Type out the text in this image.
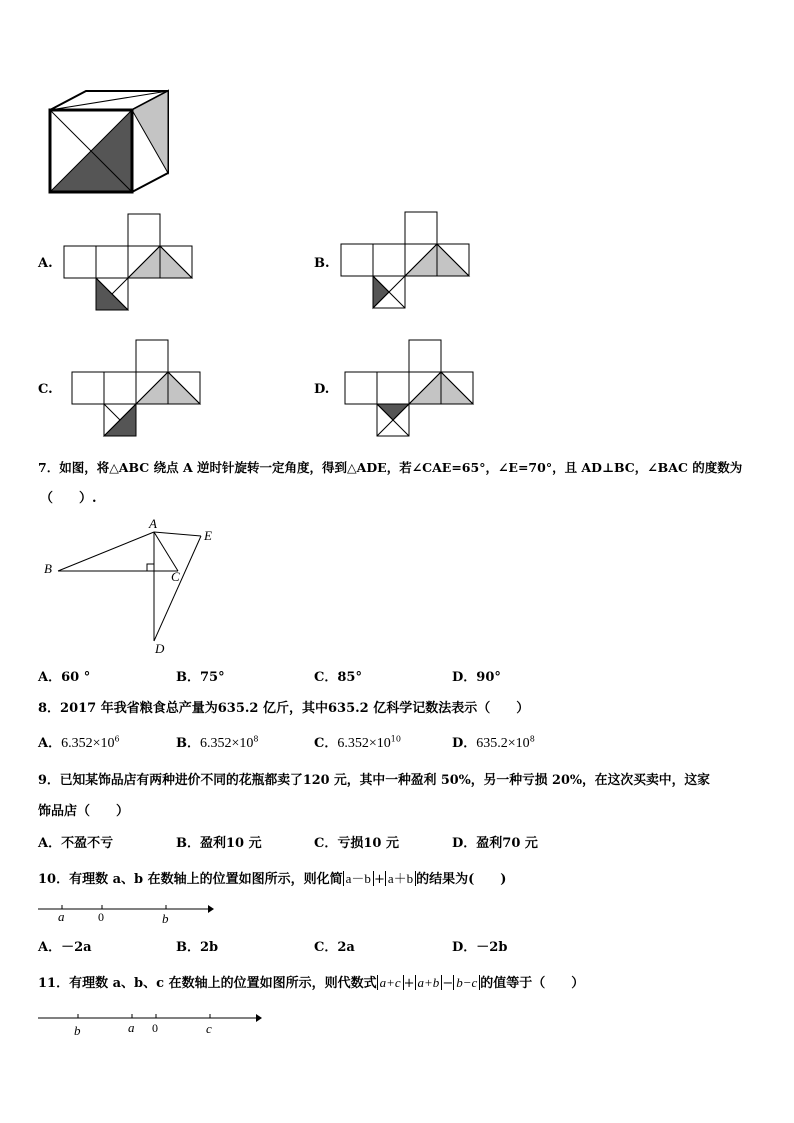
A.	B.
C.	D.
7．如图，将△ABC 绕点 A 逆时针旋转一定角度，得到△ADE，若∠CAE=65°，∠E=70°，且 AD⊥BC，∠BAC 的度数为
（　　）.
A
B
C
D
E
A．60 °	B．75°	C．85°	D．90°
8．2017 年我省粮食总产量为635.2 亿斤，其中635.2 亿科学记数法表示（　　）
A．$6.352\times 10^6$	B．$6.352\times 10^8$	C．$6.352\times 10^{10}$	D．$635.2\times 10^8$
9．已知某饰品店有两种进价不同的花瓶都卖了120 元，其中一种盈利 50%，另一种亏损 20%，在这次买卖中，这家
饰品店（　　）
A．不盈不亏	B．盈利10 元	C．亏损10 元	D．盈利70 元
10．有理数 a、b 在数轴上的位置如图所示，则化简 a－b + a＋b 的结果为(　　)
a	0	b
A．－2a	B．2b	C．2a	D．－2b
11．有理数 a、b、c 在数轴上的位置如图所示，则代数式 a+c + a+b − b−c 的值等于（　　）
b	a 0	c
